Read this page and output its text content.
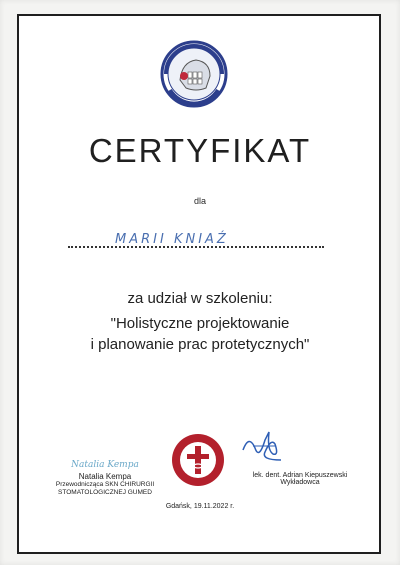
CERTYFIKAT
dla
MARII KNIAŹ
za udział w szkoleniu:
"Holistyczne projektowanie
i planowanie prac protetycznych"
Natalia Kempa
Natalia Kempa
Przewodnicząca SKN CHIRURGII
STOMATOLOGICZNEJ GUMED
lek. dent. Adrian Kiepuszewski
Wykładowca
Gdańsk, 19.11.2022 r.
